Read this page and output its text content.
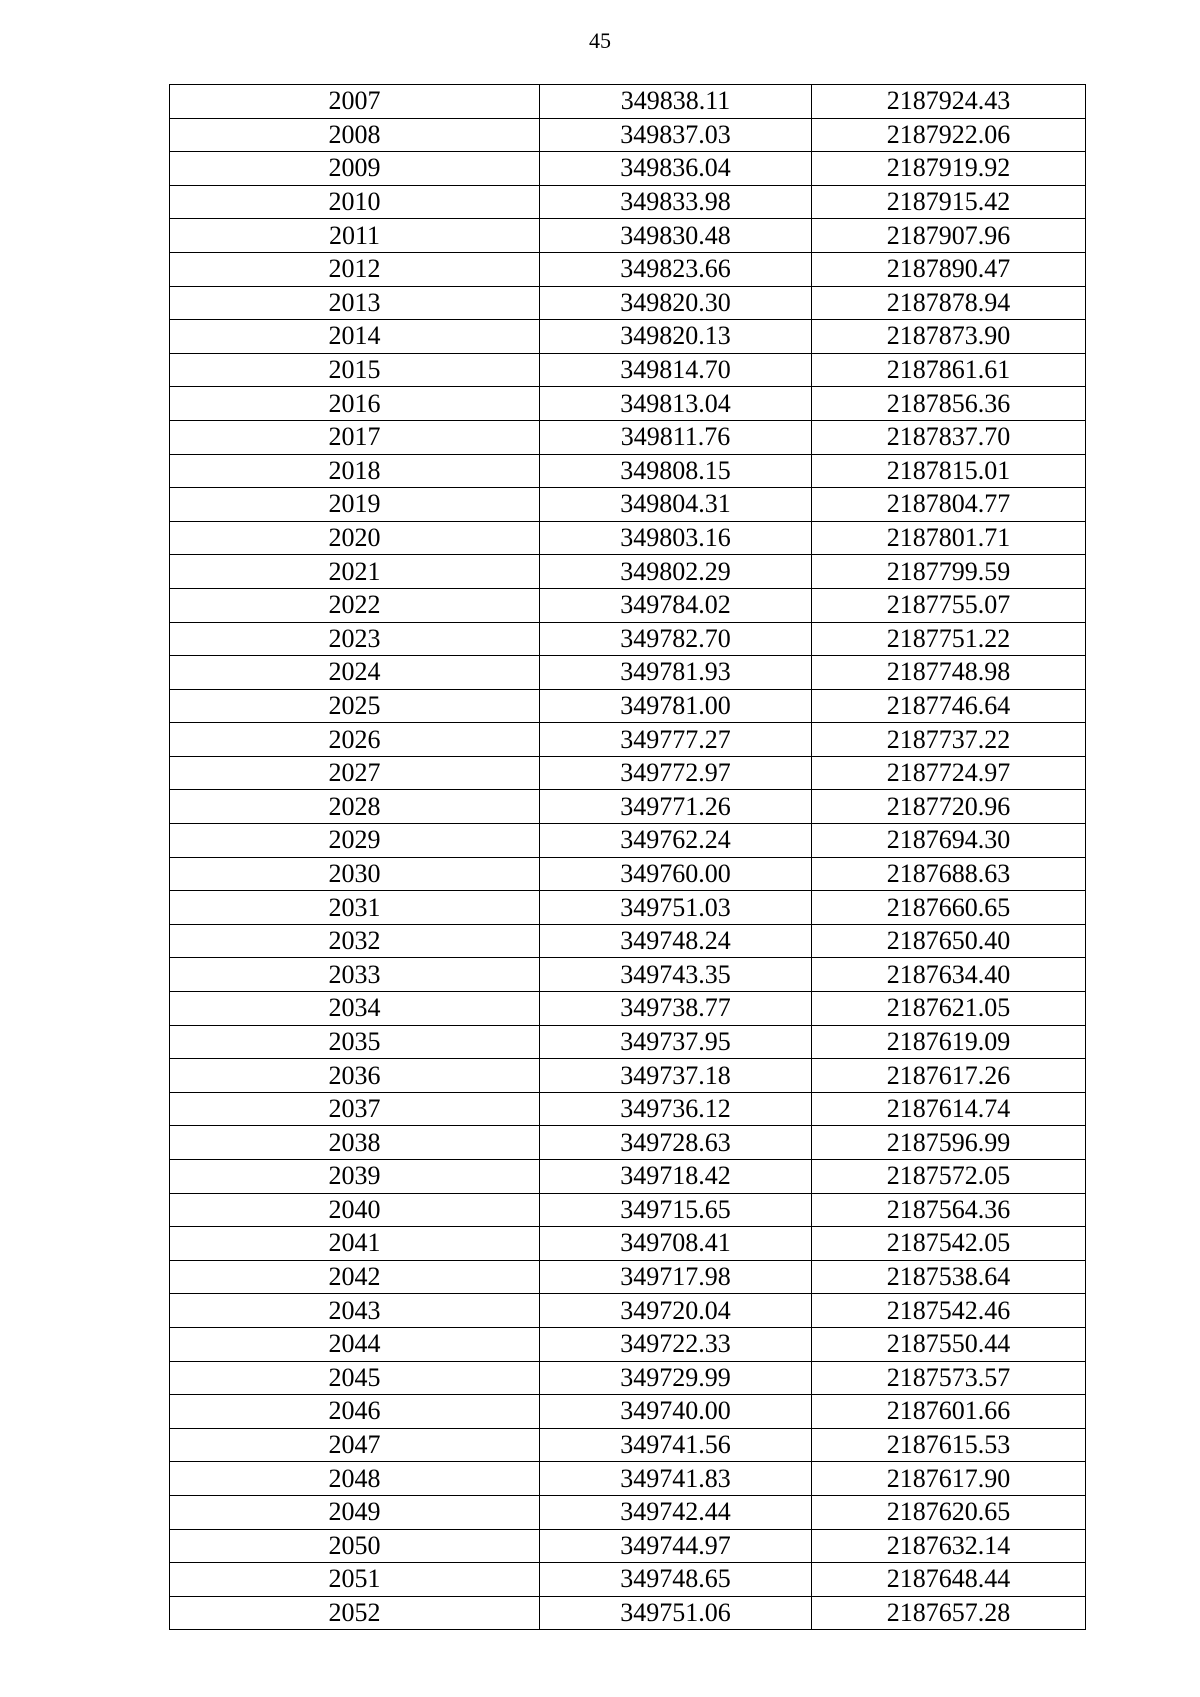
45
2007	349838.11	2187924.43
2008	349837.03	2187922.06
2009	349836.04	2187919.92
2010	349833.98	2187915.42
2011	349830.48	2187907.96
2012	349823.66	2187890.47
2013	349820.30	2187878.94
2014	349820.13	2187873.90
2015	349814.70	2187861.61
2016	349813.04	2187856.36
2017	349811.76	2187837.70
2018	349808.15	2187815.01
2019	349804.31	2187804.77
2020	349803.16	2187801.71
2021	349802.29	2187799.59
2022	349784.02	2187755.07
2023	349782.70	2187751.22
2024	349781.93	2187748.98
2025	349781.00	2187746.64
2026	349777.27	2187737.22
2027	349772.97	2187724.97
2028	349771.26	2187720.96
2029	349762.24	2187694.30
2030	349760.00	2187688.63
2031	349751.03	2187660.65
2032	349748.24	2187650.40
2033	349743.35	2187634.40
2034	349738.77	2187621.05
2035	349737.95	2187619.09
2036	349737.18	2187617.26
2037	349736.12	2187614.74
2038	349728.63	2187596.99
2039	349718.42	2187572.05
2040	349715.65	2187564.36
2041	349708.41	2187542.05
2042	349717.98	2187538.64
2043	349720.04	2187542.46
2044	349722.33	2187550.44
2045	349729.99	2187573.57
2046	349740.00	2187601.66
2047	349741.56	2187615.53
2048	349741.83	2187617.90
2049	349742.44	2187620.65
2050	349744.97	2187632.14
2051	349748.65	2187648.44
2052	349751.06	2187657.28
